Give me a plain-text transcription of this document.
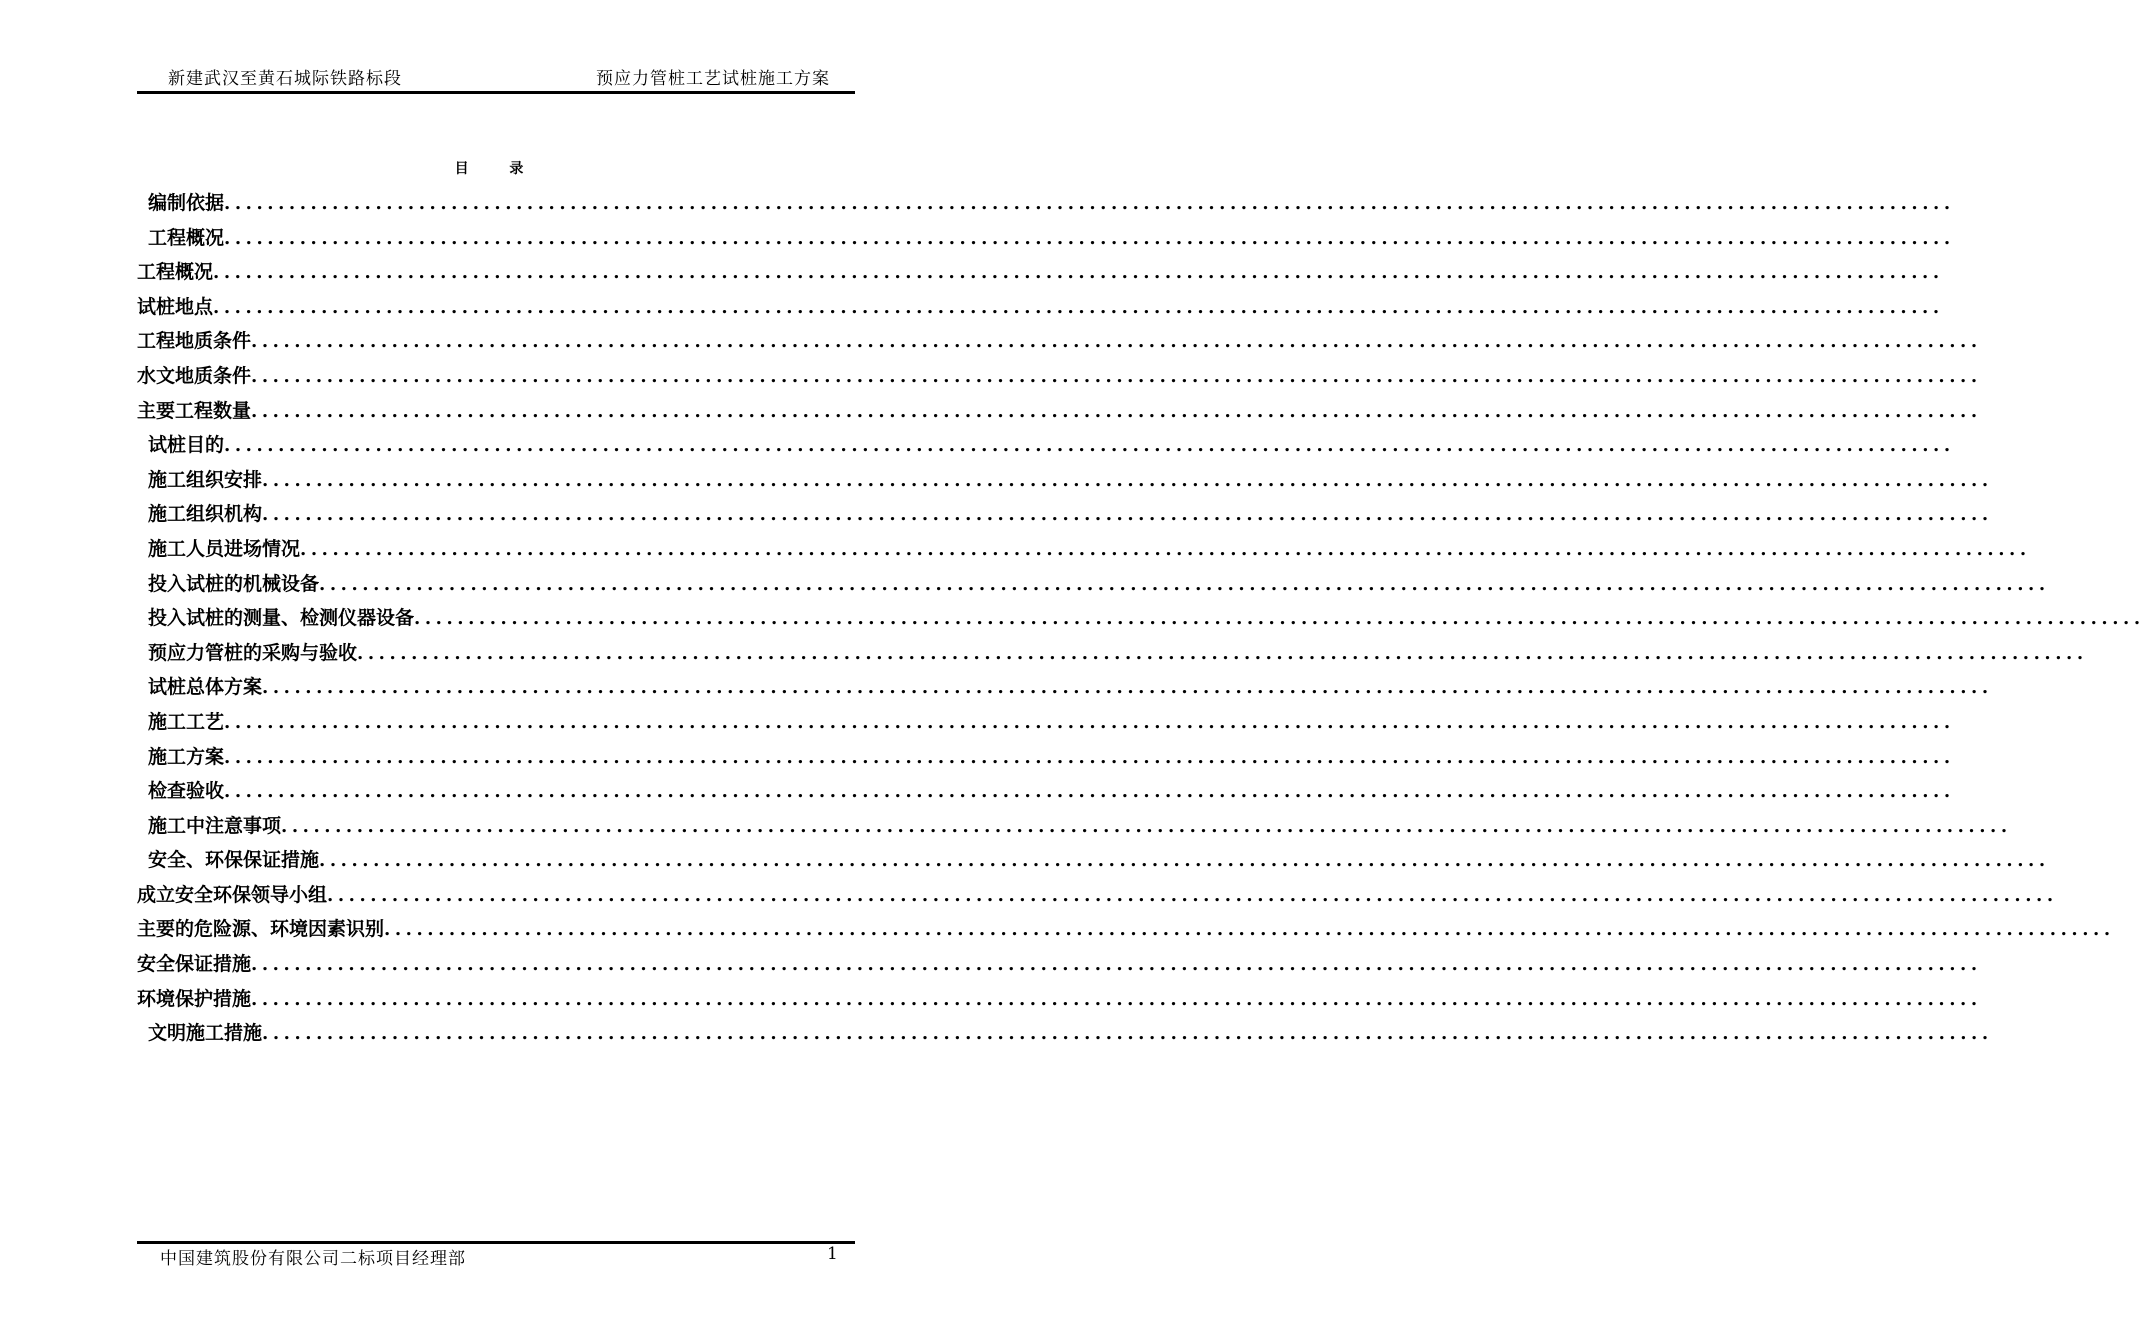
新建武汉至黄石城际铁路标段	预应力管桩工艺试桩施工方案
目 录
编制依据 ................................................................................................................................................................
工程概况 ................................................................................................................................................................
工程概况 ................................................................................................................................................................
试桩地点 ................................................................................................................................................................
工程地质条件 ................................................................................................................................................................
水文地质条件 ................................................................................................................................................................
主要工程数量 ................................................................................................................................................................
试桩目的 ................................................................................................................................................................
施工组织安排 ................................................................................................................................................................
施工组织机构 ................................................................................................................................................................
施工人员进场情况 ................................................................................................................................................................
投入试桩的机械设备 ................................................................................................................................................................
投入试桩的测量、检测仪器设备 ................................................................................................................................................................
预应力管桩的采购与验收 ................................................................................................................................................................
试桩总体方案 ................................................................................................................................................................
施工工艺 ................................................................................................................................................................
施工方案 ................................................................................................................................................................
检查验收 ................................................................................................................................................................
施工中注意事项 ................................................................................................................................................................
安全、环保保证措施 ................................................................................................................................................................
成立安全环保领导小组 ................................................................................................................................................................
主要的危险源、环境因素识别 ................................................................................................................................................................
安全保证措施 ................................................................................................................................................................
环境保护措施 ................................................................................................................................................................
文明施工措施 ................................................................................................................................................................
中国建筑股份有限公司二标项目经理部	1
